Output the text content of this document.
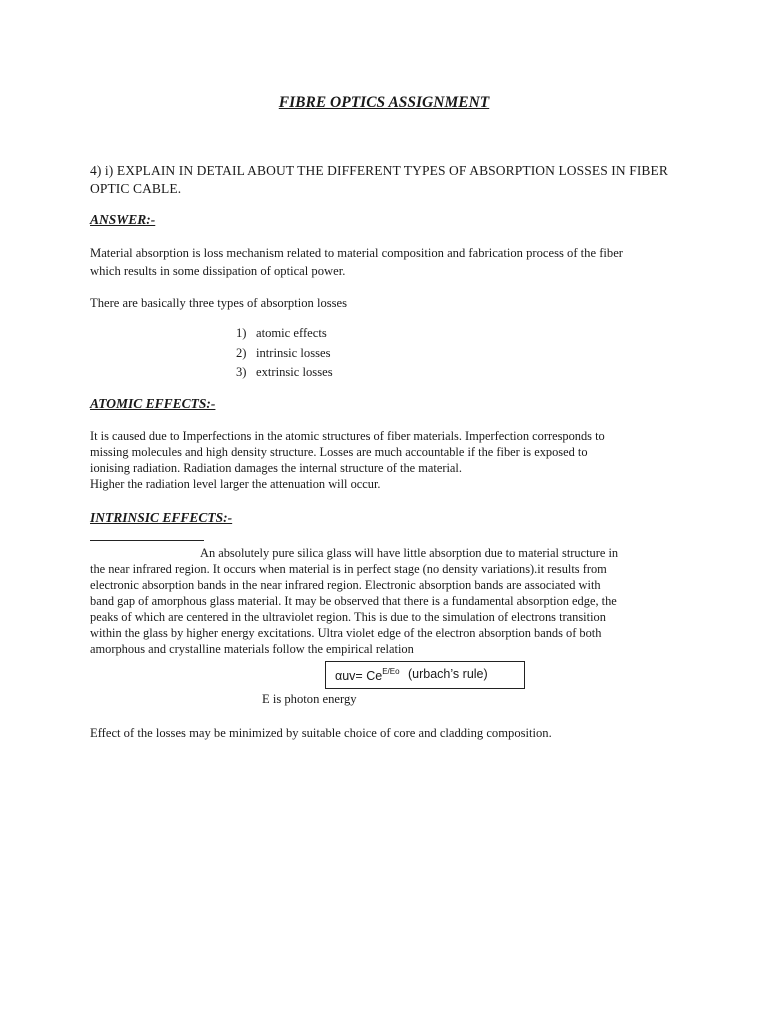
FIBRE OPTICS ASSIGNMENT
4) i) EXPLAIN IN DETAIL ABOUT THE DIFFERENT TYPES OF ABSORPTION LOSSES IN FIBER OPTIC CABLE.
ANSWER:-
Material absorption is loss mechanism related to material composition and fabrication process of the fiber
which results in some dissipation of optical power.
There are basically three types of absorption losses
1) atomic effects
2) intrinsic losses
3) extrinsic losses
ATOMIC EFFECTS:-
It is caused due to Imperfections in the atomic structures of fiber materials. Imperfection corresponds to
missing molecules and high density structure. Losses are much accountable if the fiber is exposed to
ionising radiation. Radiation damages the internal structure of the material.
Higher the radiation level larger the attenuation will occur.
INTRINSIC EFFECTS:-
An absolutely pure silica glass will have little absorption due to material structure in
the near infrared region. It occurs when material is in perfect stage (no density variations).it results from
electronic absorption bands in the near infrared region. Electronic absorption bands are associated with
band gap of amorphous glass material. It may be observed that there is a fundamental absorption edge, the
peaks of which are centered in the ultraviolet region. This is due to the simulation of electrons transition
within the glass by higher energy excitations. Ultra violet edge of the electron absorption bands of both
amorphous and crystalline materials follow the empirical relation
$\alpha uv= Ce^{E/Eo}$ (urbach’s rule)
E is photon energy
Effect of the losses may be minimized by suitable choice of core and cladding composition.
